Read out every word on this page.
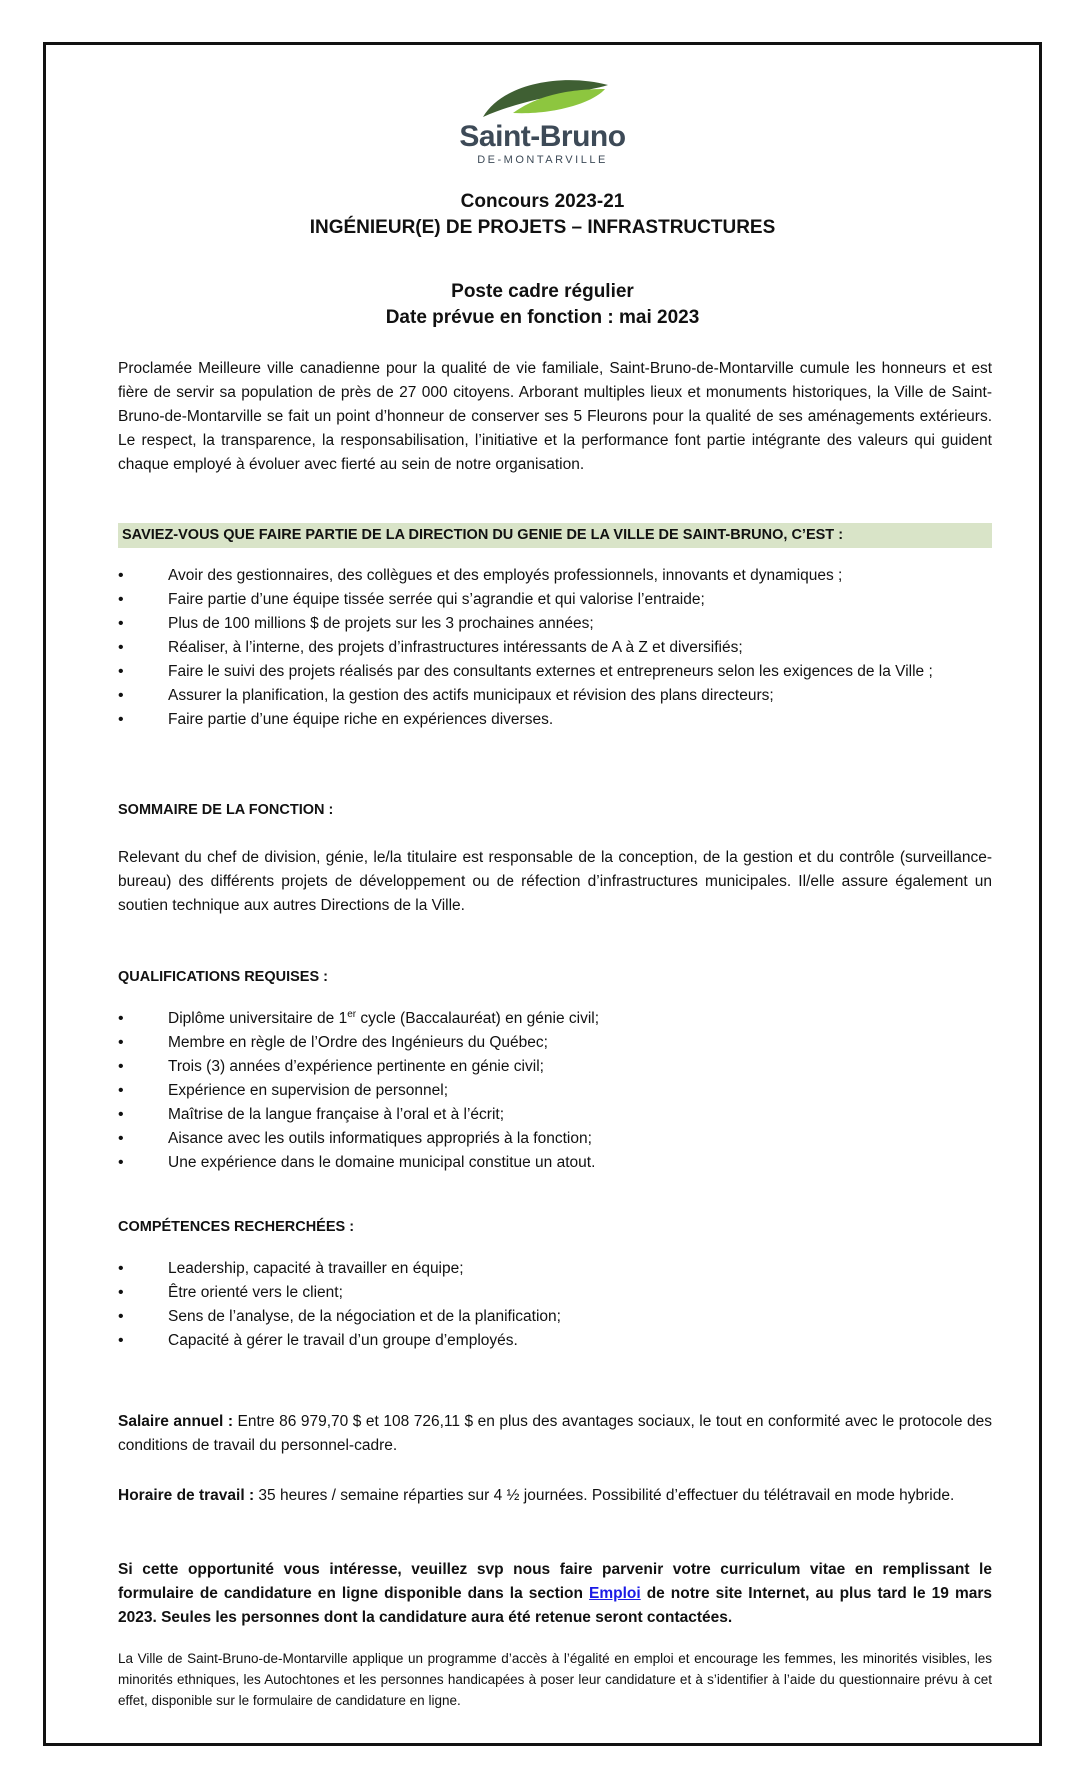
Saint-Bruno
DE-MONTARVILLE
Concours 2023-21
INGÉNIEUR(E) DE PROJETS – INFRASTRUCTURES
Poste cadre régulier
Date prévue en fonction : mai 2023

Proclamée Meilleure ville canadienne pour la qualité de vie familiale, Saint-Bruno-de-Montarville cumule les honneurs et est fière de servir sa population de près de 27 000 citoyens. Arborant multiples lieux et monuments historiques, la Ville de Saint-Bruno-de-Montarville se fait un point d’honneur de conserver ses 5 Fleurons pour la qualité de ses aménagements extérieurs. Le respect, la transparence, la responsabilisation, l’initiative et la performance font partie intégrante des valeurs qui guident chaque employé à évoluer avec fierté au sein de notre organisation.

SAVIEZ-VOUS QUE FAIRE PARTIE DE LA DIRECTION DU GENIE DE LA VILLE DE SAINT-BRUNO, C’EST :
• Avoir des gestionnaires, des collègues et des employés professionnels, innovants et dynamiques ;
• Faire partie d’une équipe tissée serrée qui s’agrandie et qui valorise l’entraide;
• Plus de 100 millions $ de projets sur les 3 prochaines années;
• Réaliser, à l’interne, des projets d’infrastructures intéressants de A à Z et diversifiés;
• Faire le suivi des projets réalisés par des consultants externes et entrepreneurs selon les exigences de la Ville ;
• Assurer la planification, la gestion des actifs municipaux et révision des plans directeurs;
• Faire partie d’une équipe riche en expériences diverses.
SOMMAIRE DE LA FONCTION :

Relevant du chef de division, génie, le/la titulaire est responsable de la conception, de la gestion et du contrôle (surveillance-bureau) des différents projets de développement ou de réfection d’infrastructures municipales. Il/elle assure également un soutien technique aux autres Directions de la Ville.

QUALIFICATIONS REQUISES :
• Diplôme universitaire de 1er cycle (Baccalauréat) en génie civil;
• Membre en règle de l’Ordre des Ingénieurs du Québec;
• Trois (3) années d’expérience pertinente en génie civil;
• Expérience en supervision de personnel;
• Maîtrise de la langue française à l’oral et à l’écrit;
• Aisance avec les outils informatiques appropriés à la fonction;
• Une expérience dans le domaine municipal constitue un atout.
COMPÉTENCES RECHERCHÉES :
• Leadership, capacité à travailler en équipe;
• Être orienté vers le client;
• Sens de l’analyse, de la négociation et de la planification;
• Capacité à gérer le travail d’un groupe d’employés.

Salaire annuel : Entre 86 979,70 $ et 108 726,11 $ en plus des avantages sociaux, le tout en conformité avec le protocole des conditions de travail du personnel-cadre.

Horaire de travail : 35 heures / semaine réparties sur 4 ½ journées. Possibilité d’effectuer du télétravail en mode hybride.

Si cette opportunité vous intéresse, veuillez svp nous faire parvenir votre curriculum vitae en remplissant le formulaire de candidature en ligne disponible dans la section Emploi de notre site Internet, au plus tard le 19 mars 2023. Seules les personnes dont la candidature aura été retenue seront contactées.

La Ville de Saint-Bruno-de-Montarville applique un programme d’accès à l’égalité en emploi et encourage les femmes, les minorités visibles, les minorités ethniques, les Autochtones et les personnes handicapées à poser leur candidature et à s’identifier à l’aide du questionnaire prévu à cet effet, disponible sur le formulaire de candidature en ligne.
